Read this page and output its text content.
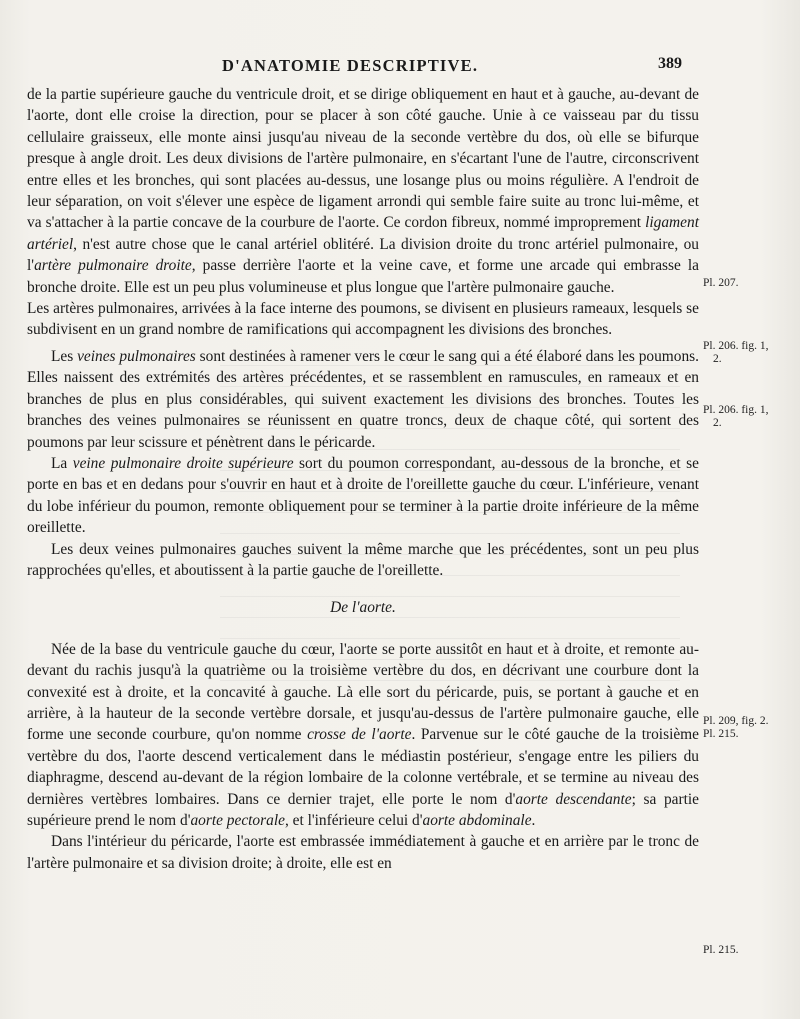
D'ANATOMIE DESCRIPTIVE.	389

de la partie supérieure gauche du ventricule droit, et se dirige obliquement en haut et à gauche, au-devant de l'aorte, dont elle croise la direction, pour se placer à son côté gauche. Unie à ce vaisseau par du tissu cellulaire graisseux, elle monte ainsi jusqu'au niveau de la seconde vertèbre du dos, où elle se bifurque presque à angle droit. Les deux divisions de l'artère pulmonaire, en s'écartant l'une de l'autre, circonscrivent entre elles et les bronches, qui sont placées au-dessus, une losange plus ou moins régulière. A l'endroit de leur séparation, on voit s'élever une espèce de ligament arrondi qui semble faire suite au tronc lui-même, et va s'attacher à la partie concave de la courbure de l'aorte. Ce cordon fibreux, nommé improprement ligament artériel, n'est autre chose que le canal artériel oblitéré. La division droite du tronc artériel pulmonaire, ou l'artère pulmonaire droite, passe derrière l'aorte et la veine cave, et forme une arcade qui embrasse la bronche droite. Elle est un peu plus volumineuse et plus longue que l'artère pulmonaire gauche.

Les artères pulmonaires, arrivées à la face interne des poumons, se divisent en plusieurs rameaux, lesquels se subdivisent en un grand nombre de ramifications qui accompagnent les divisions des bronches.

Les veines pulmonaires sont destinées à ramener vers le cœur le sang qui a été élaboré dans les poumons. Elles naissent des extrémités des artères précédentes, et se rassemblent en ramuscules, en rameaux et en branches de plus en plus considérables, qui suivent exactement les divisions des bronches. Toutes les branches des veines pulmonaires se réunissent en quatre troncs, deux de chaque côté, qui sortent des poumons par leur scissure et pénètrent dans le péricarde.

La veine pulmonaire droite supérieure sort du poumon correspondant, au-dessous de la bronche, et se porte en bas et en dedans pour s'ouvrir en haut et à droite de l'oreillette gauche du cœur. L'inférieure, venant du lobe inférieur du poumon, remonte obliquement pour se terminer à la partie droite inférieure de la même oreillette.

Les deux veines pulmonaires gauches suivent la même marche que les précédentes, sont un peu plus rapprochées qu'elles, et aboutissent à la partie gauche de l'oreillette.

De l'aorte.

Née de la base du ventricule gauche du cœur, l'aorte se porte aussitôt en haut et à droite, et remonte au-devant du rachis jusqu'à la quatrième ou la troisième vertèbre du dos, en décrivant une courbure dont la convexité est à droite, et la concavité à gauche. Là elle sort du péricarde, puis, se portant à gauche et en arrière, à la hauteur de la seconde vertèbre dorsale, et jusqu'au-dessus de l'artère pulmonaire gauche, elle forme une seconde courbure, qu'on nomme crosse de l'aorte. Parvenue sur le côté gauche de la troisième vertèbre du dos, l'aorte descend verticalement dans le médiastin postérieur, s'engage entre les piliers du diaphragme, descend au-devant de la région lombaire de la colonne vertébrale, et se termine au niveau des dernières vertèbres lombaires. Dans ce dernier trajet, elle porte le nom d'aorte descendante; sa partie supérieure prend le nom d'aorte pectorale, et l'inférieure celui d'aorte abdominale.

Dans l'intérieur du péricarde, l'aorte est embrassée immédiatement à gauche et en arrière par le tronc de l'artère pulmonaire et sa division droite; à droite, elle est en

Pl. 207.
Pl. 206. fig. 1,
2.
Pl. 206. fig. 1,
2.
Pl. 209, fig. 2.
Pl. 215.
Pl. 215.
